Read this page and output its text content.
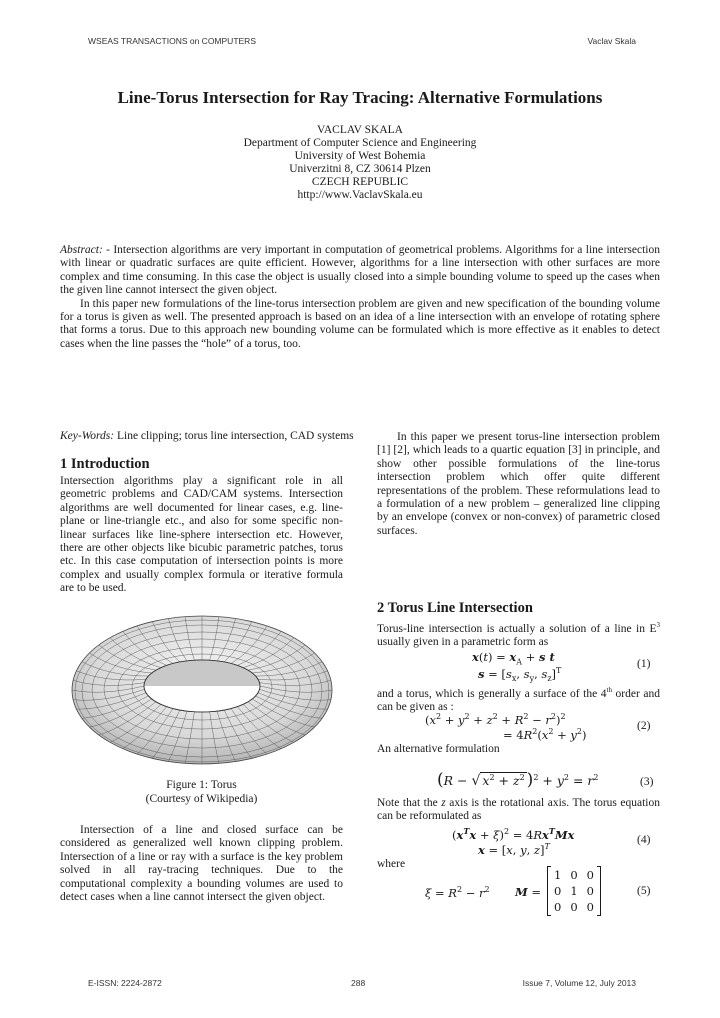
WSEAS TRANSACTIONS on COMPUTERS	Vaclav Skala
Line-Torus Intersection for Ray Tracing: Alternative Formulations
VACLAV SKALA
Department of Computer Science and Engineering
University of West Bohemia
Univerzitni 8, CZ 30614 Plzen
CZECH REPUBLIC
http://www.VaclavSkala.eu

Abstract: - Intersection algorithms are very important in computation of geometrical problems. Algorithms for a line intersection with linear or quadratic surfaces are quite efficient. However, algorithms for a line intersection with other surfaces are more complex and time consuming. In this case the object is usually closed into a simple bounding volume to speed up the cases when the given line cannot intersect the given object.

In this paper new formulations of the line-torus intersection problem are given and new specification of the bounding volume for a torus is given as well. The presented approach is based on an idea of a line intersection with an envelope of rotating sphere that forms a torus. Due to this approach new bounding volume can be formulated which is more effective as it enables to detect cases when the line passes the “hole” of a torus, too.

Key-Words: Line clipping; torus line intersection, CAD systems
1 Introduction
Intersection algorithms play a significant role in all geometric problems and CAD/CAM systems. Intersection algorithms are well documented for linear cases, e.g. line-plane or line-triangle etc., and also for some specific non-linear surfaces like line-sphere intersection etc. However, there are other objects like bicubic parametric patches, torus etc. In this case computation of intersection points is more complex and usually complex formula or iterative formula are to be used.
Figure 1: Torus
(Courtesy of Wikipedia)
Intersection of a line and closed surface can be considered as generalized well known clipping problem. Intersection of a line or ray with a surface is the key problem solved in all ray-tracing techniques. Due to the computational complexity a bounding volumes are used to detect cases when a line cannot intersect the given object.
In this paper we present torus-line intersection problem [1] [2], which leads to a quartic equation [3] in principle, and show other possible formulations of the line-torus intersection problem which offer quite different representations of the problem. These reformulations lead to a formulation of a new problem – generalized line clipping by an envelope (convex or non-convex) of parametric closed surfaces.
2 Torus Line Intersection
Torus-line intersection is actually a solution of a line in $E^3$ usually given in a parametric form as
$x(t) = x_A + s$ t
$s = [s_x$, $s_y$, $s_z]^T$
(1)
and a torus, which is generally a surface of the 4th order and can be given as :
$(x^2 + y^2 + z^2 + R^2 - r^2)^2$
= $4R^2(x^2 + y^2)$
(2)
An alternative formulation
(R − √ $x^2 + z^2$ )$^2 + y^2 = r^2$	(3)
Note that the z axis is the rotational axis. The torus equation can be reformulated as
$(x^Tx + \xi)^2 = 4Rx^TMx$
x = [x, y, z]$^T$
(4)
where
$\xi = R^2 - r^2$ M =
1 0 0
0 1 0
0 0 0
(5)
E-ISSN: 2224-2872	288	Issue 7, Volume 12, July 2013
